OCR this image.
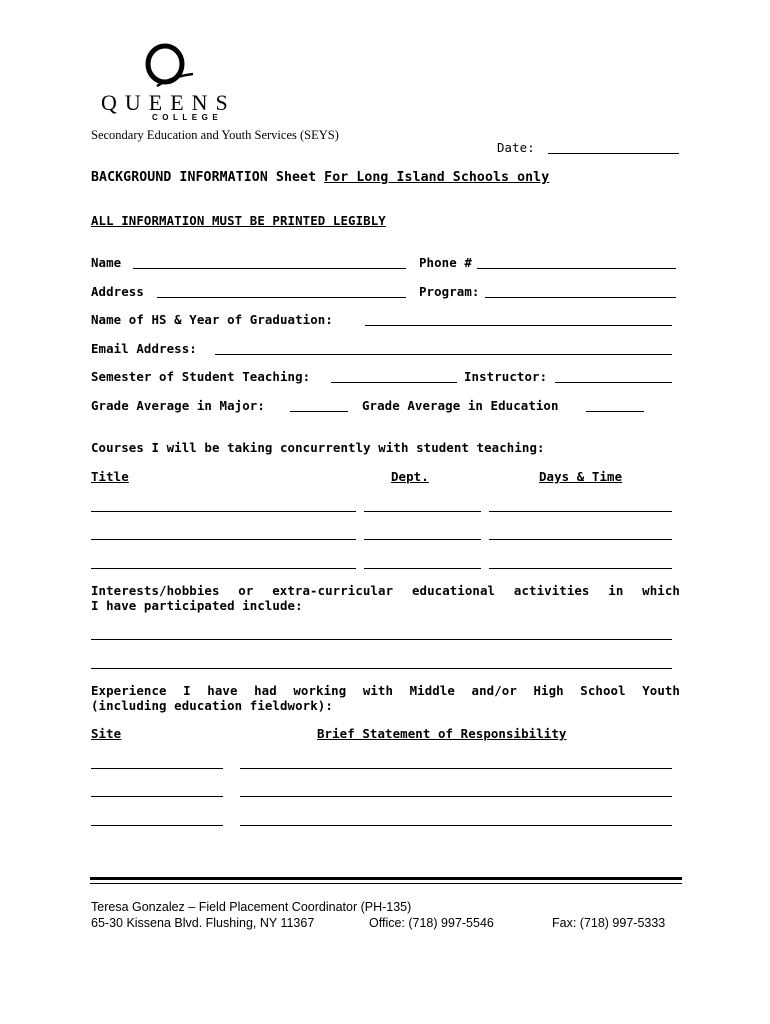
QUEENS
COLLEGE
Secondary Education and Youth Services (SEYS)
Date:
BACKGROUND INFORMATION Sheet For Long Island Schools only
ALL INFORMATION MUST BE PRINTED LEGIBLY
Name	Phone #
Address	Program:
Name of HS & Year of Graduation:
Email Address:
Semester of Student Teaching:	Instructor:
Grade Average in Major:	Grade Average in Education
Courses I will be taking concurrently with student teaching:
Title	Dept.	Days & Time
Interests/hobbies or extra-curricular educational activities in which
I have participated include:
Experience I have had working with Middle and/or High School Youth
(including education fieldwork):
Site	Brief Statement of Responsibility
Teresa Gonzalez – Field Placement Coordinator (PH-135)
65-30 Kissena Blvd. Flushing, NY 11367	Office: (718) 997-5546	Fax: (718) 997-5333
